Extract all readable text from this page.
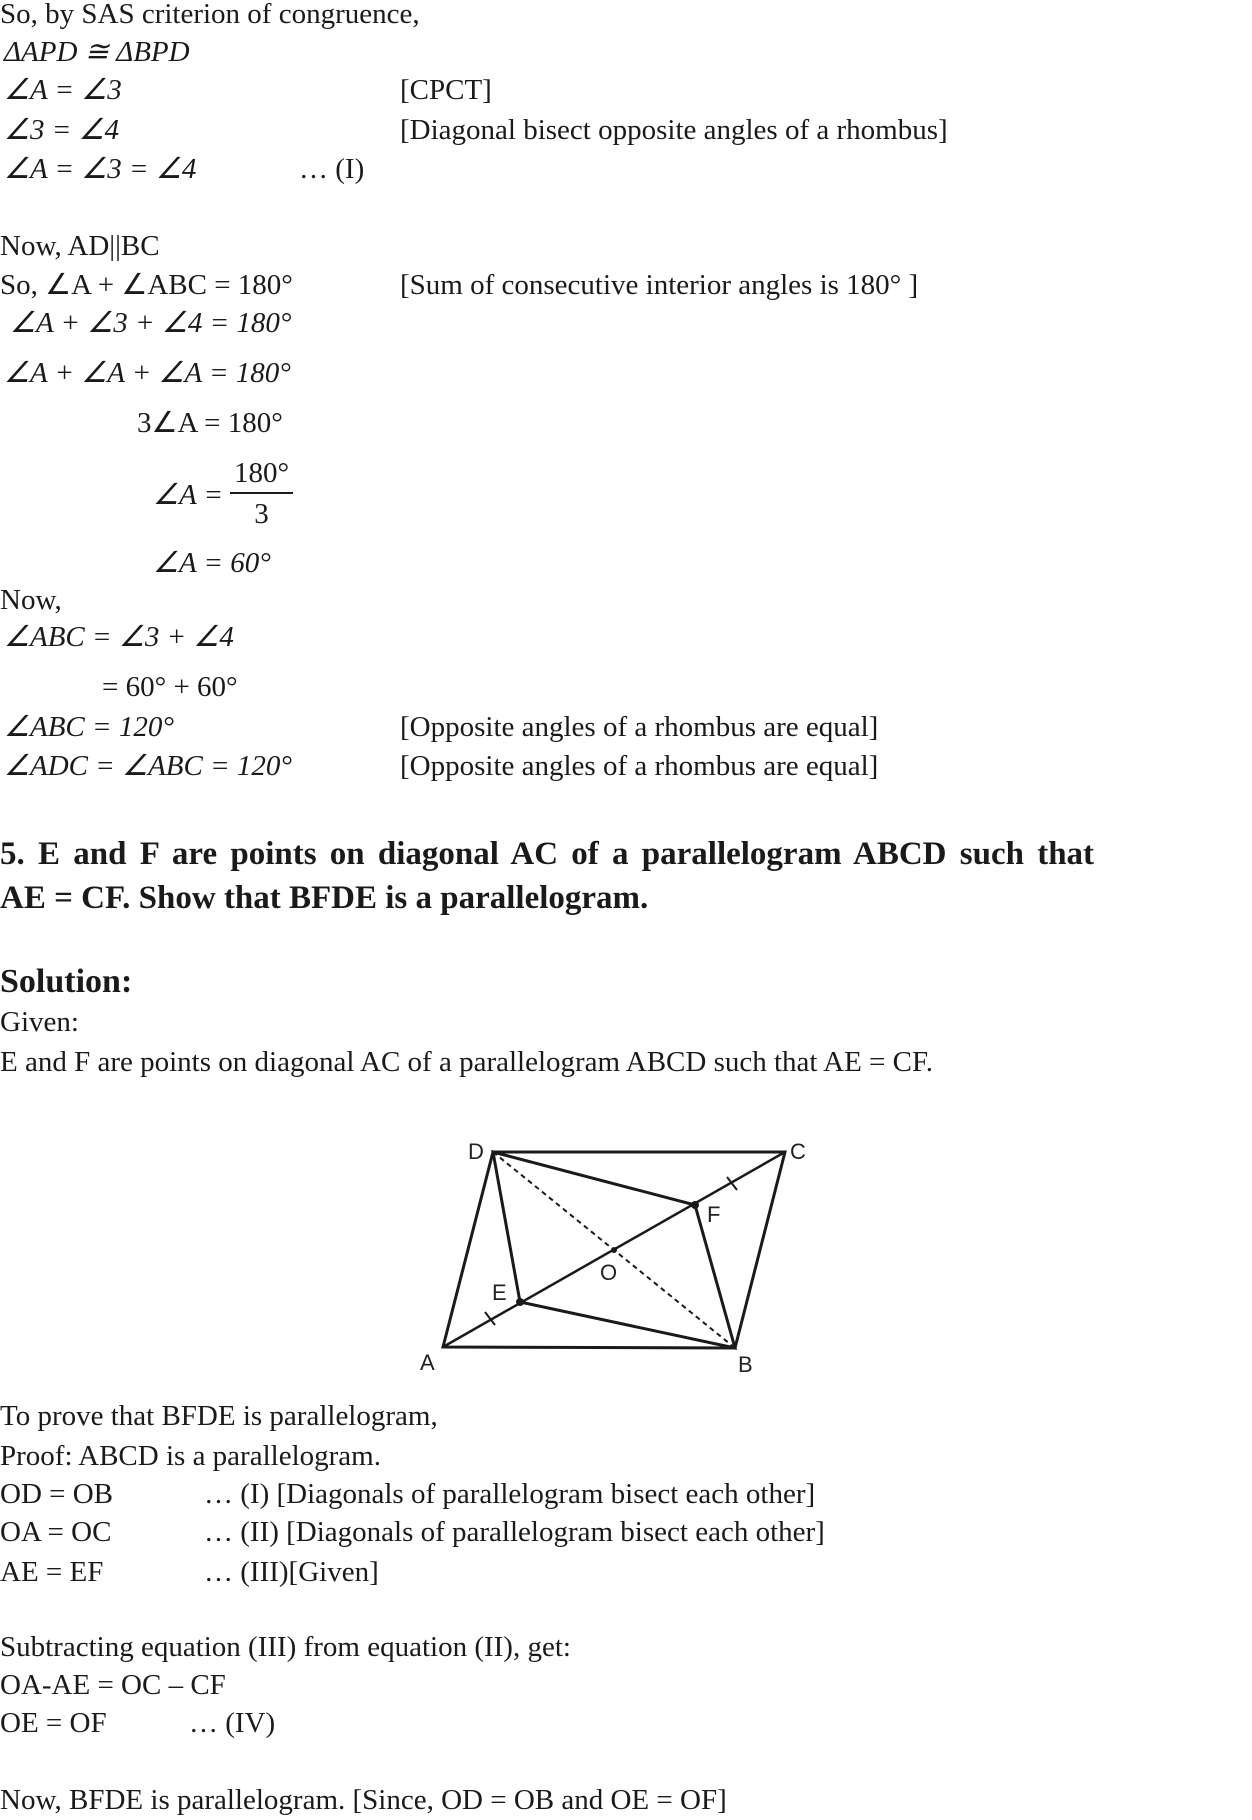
So, by SAS criterion of congruence,
ΔAPD ≅ ΔBPD
∠A = ∠3	[CPCT]
∠3 = ∠4	[Diagonal bisect opposite angles of a rhombus]
∠A = ∠3 = ∠4	… (I)
Now, AD||BC
So, ∠A + ∠ABC = 180°	[Sum of consecutive interior angles is 180° ]
∠A + ∠3 + ∠4 = 180°
∠A + ∠A + ∠A = 180°
3∠A = 180°
∠A = $\frac{180^\circ}{3}$
∠A = 60°
Now,
∠ABC = ∠3 + ∠4
= 60° + 60°
∠ABC = 120°	[Opposite angles of a rhombus are equal]
∠ADC = ∠ABC = 120°	[Opposite angles of a rhombus are equal]
5. E and F are points on diagonal AC of a parallelogram ABCD such that
AE = CF. Show that BFDE is a parallelogram.
Solution:
Given:
E and F are points on diagonal AC of a parallelogram ABCD such that AE = CF.
D	C
A	B
E
F
O
To prove that BFDE is parallelogram,
Proof: ABCD is a parallelogram.
OD = OB	… (I) [Diagonals of parallelogram bisect each other]
OA = OC	… (II) [Diagonals of parallelogram bisect each other]
AE = EF	… (III)[Given]
Subtracting equation (III) from equation (II), get:
OA-AE = OC – CF
OE = OF	… (IV)
Now, BFDE is parallelogram. [Since, OD = OB and OE = OF]
